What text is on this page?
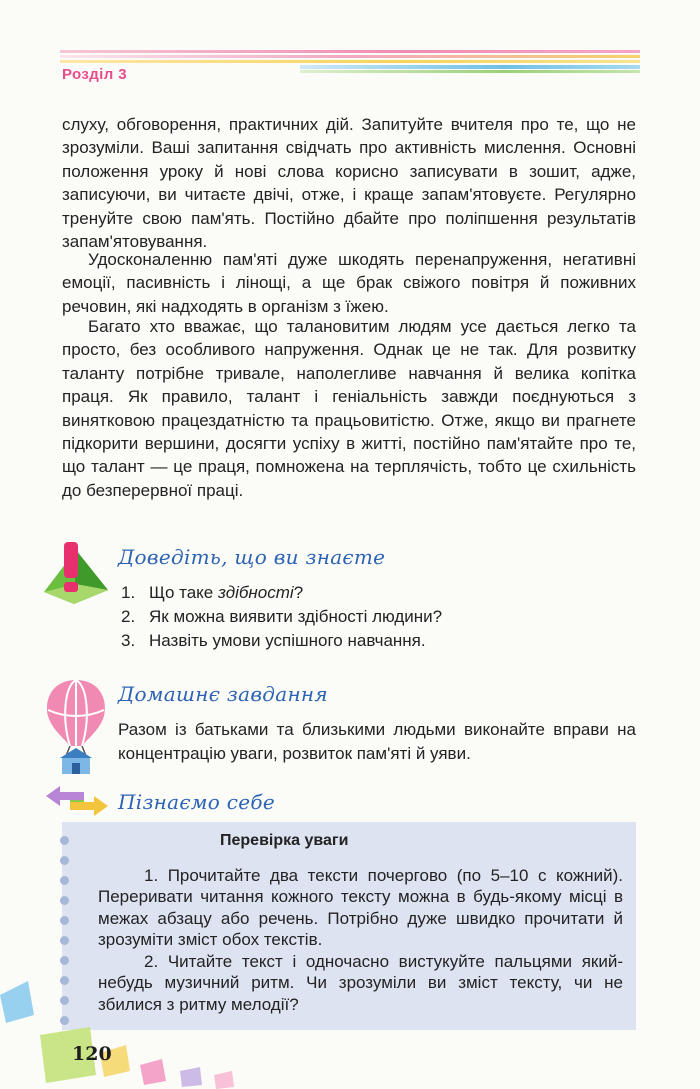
Розділ 3

слуху, обговорення, практичних дій. Запитуйте вчителя про те, що не зрозуміли. Ваші запитання свідчать про активність мислення. Основні положення уроку й нові слова корисно записувати в зошит, адже, записуючи, ви читаєте двічі, отже, і краще запам'ятовуєте. Регулярно тренуйте свою пам'ять. Постійно дбайте про поліпшення результатів запам'ятовування.

Удосконаленню пам'яті дуже шкодять перенапруження, негативні емоції, пасивність і лінощі, а ще брак свіжого повітря й поживних речовин, які надходять в організм з їжею.

Багато хто вважає, що талановитим людям усе дається легко та просто, без особливого напруження. Однак це не так. Для розвитку таланту потрібне тривале, наполегливе навчання й велика копітка праця. Як правило, талант і геніальність завжди поєднуються з винятковою працездатністю та працьовитістю. Отже, якщо ви прагнете підкорити вершини, досягти успіху в житті, постійно пам'ятайте про те, що талант — це праця, помножена на терплячість, тобто це схильність до безперервної праці.

Доведіть, що ви знаєте
1. Що таке здібності?
2. Як можна виявити здібності людини?
3. Назвіть умови успішного навчання.
Домашнє завдання

Разом із батьками та близькими людьми виконайте вправи на концентрацію уваги, розвиток пам'яті й уяви.

Пізнаємо себе
Перевірка уваги

1. Прочитайте два тексти почергово (по 5–10 с кожний). Переривати читання кожного тексту можна в будь-якому місці в межах абзацу або речень. Потрібно дуже швидко прочитати й зрозуміти зміст обох текстів.

2. Читайте текст і одночасно вистукуйте пальцями який-небудь музичний ритм. Чи зрозуміли ви зміст тексту, чи не збилися з ритму мелодії?

120
